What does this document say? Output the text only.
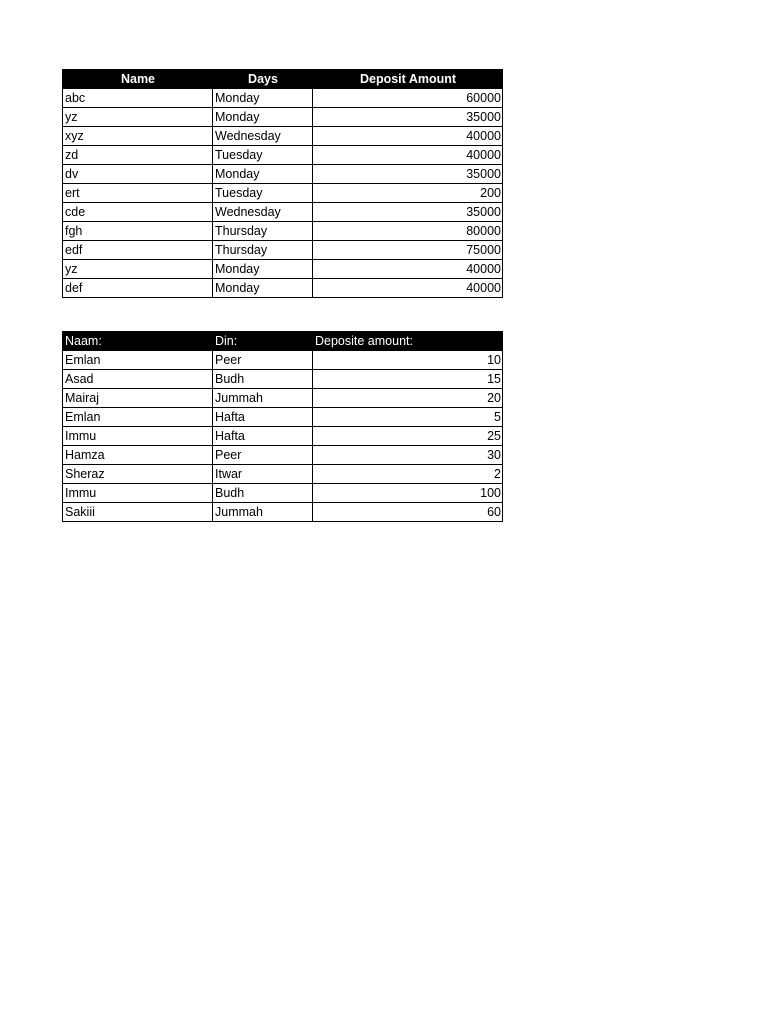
Name	Days	Deposit Amount
abc	Monday	60000
yz	Monday	35000
xyz	Wednesday	40000
zd	Tuesday	40000
dv	Monday	35000
ert	Tuesday	200
cde	Wednesday	35000
fgh	Thursday	80000
edf	Thursday	75000
yz	Monday	40000
def	Monday	40000
Naam:	Din:	Deposite amount:
Emlan	Peer	10
Asad	Budh	15
Mairaj	Jummah	20
Emlan	Hafta	5
Immu	Hafta	25
Hamza	Peer	30
Sheraz	Itwar	2
Immu	Budh	100
Sakiii	Jummah	60
